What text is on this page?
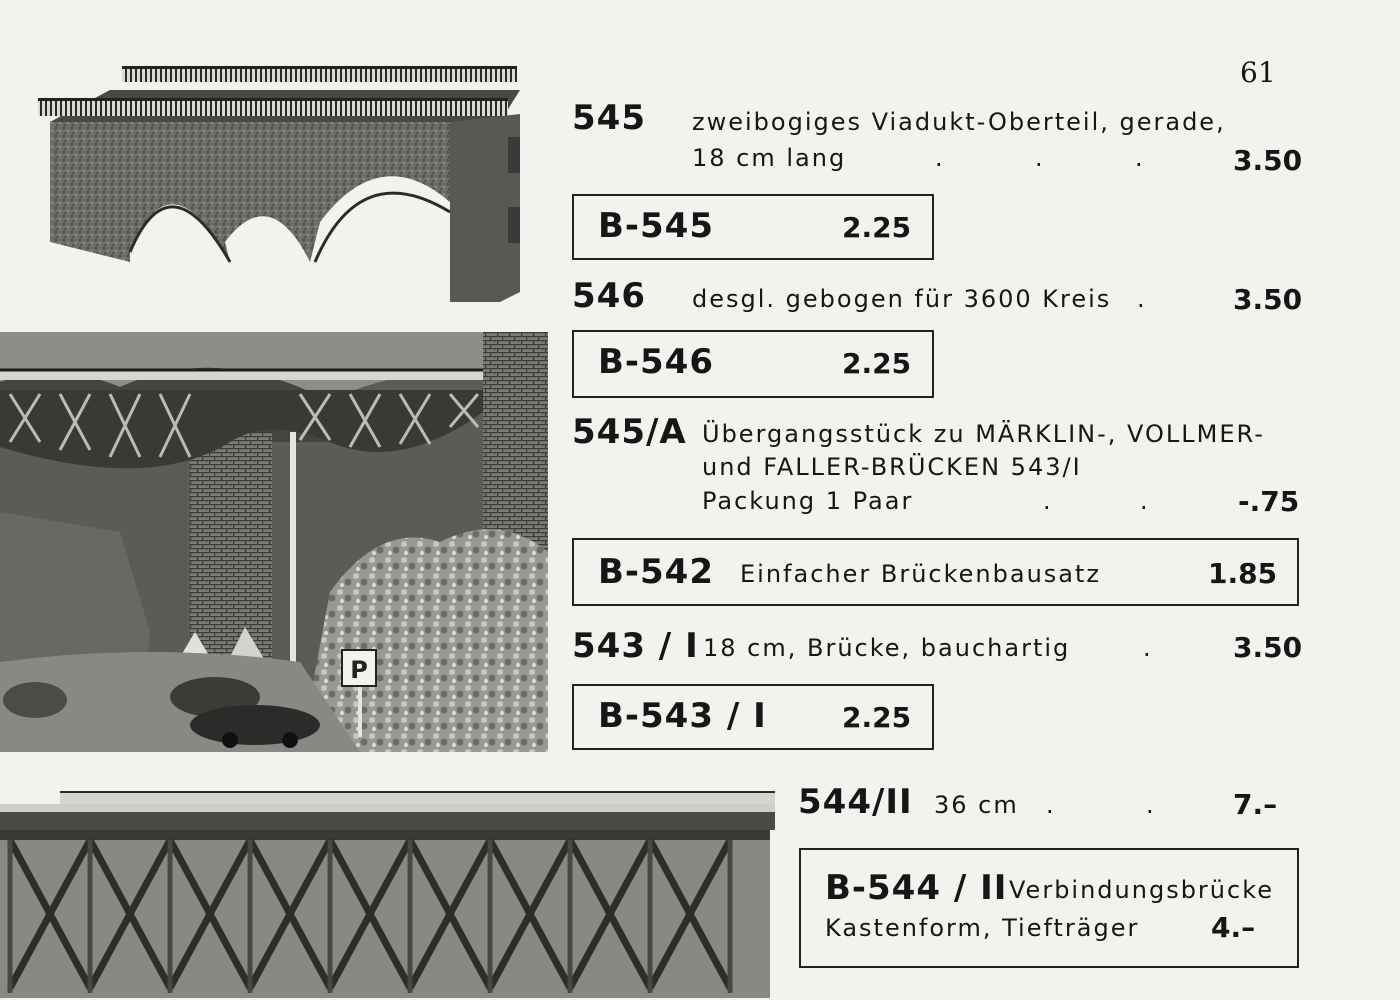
61
P
545 zweibogiges Viadukt-Oberteil, gerade,
18 cm lang	.	.	.	3.50
B-545	2.25
546 desgl. gebogen für 3600 Kreis .	3.50
B-546	2.25
545/A Übergangsstück zu MÄRKLIN-, VOLLMER-
und FALLER-BRÜCKEN 543/I
Packung 1 Paar	.	.	-.75
B-542 Einfacher Brückenbausatz	1.85
543 / I 18 cm, Brücke, bauchartig	.	3.50
B-543 / I	2.25
544/II 36 cm .	.	7.–
B-544 / II Verbindungsbrücke
Kastenform, Tiefträger	4.–
